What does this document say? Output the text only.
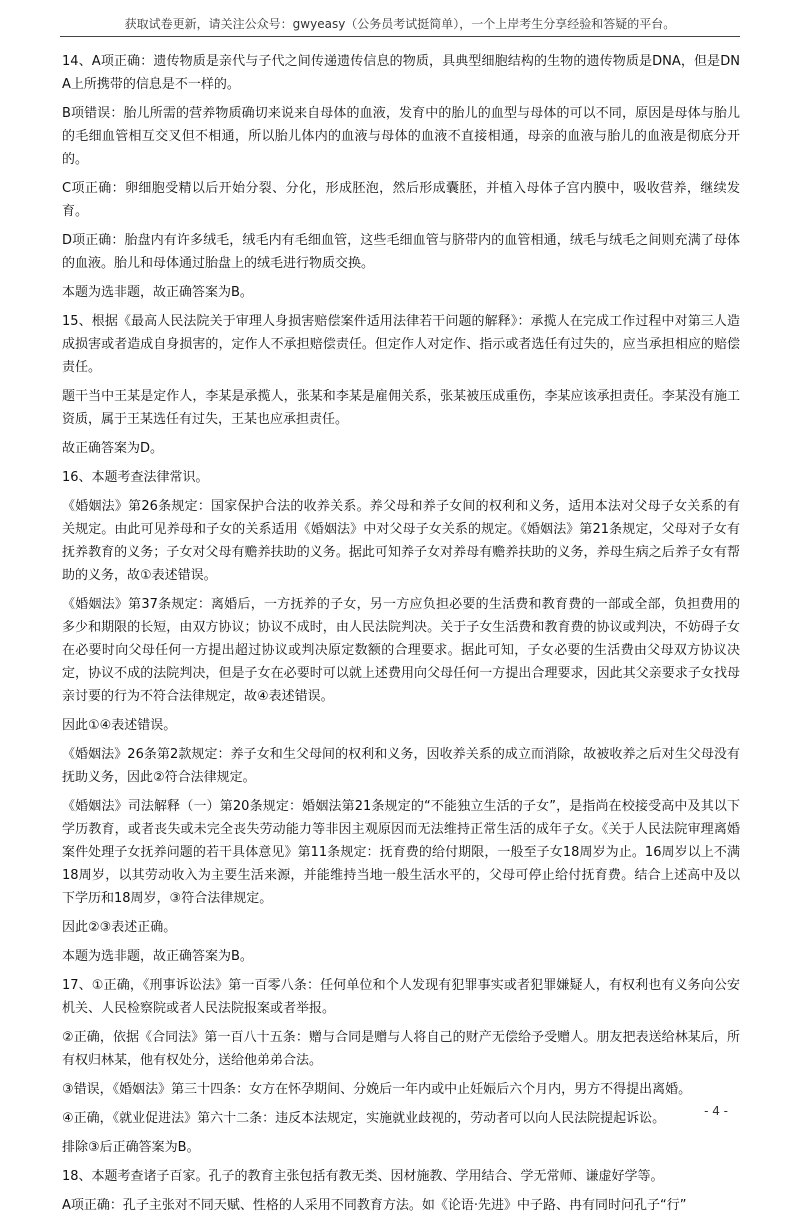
获取试卷更新，请关注公众号：gwyeasy（公务员考试挺简单），一个上岸考生分享经验和答疑的平台。

14、A项正确：遗传物质是亲代与子代之间传递遗传信息的物质，具典型细胞结构的生物的遗传物质是DNA，但是DNA上所携带的信息是不一样的。

B项错误：胎儿所需的营养物质确切来说来自母体的血液，发育中的胎儿的血型与母体的可以不同，原因是母体与胎儿的毛细血管相互交叉但不相通，所以胎儿体内的血液与母体的血液不直接相通，母亲的血液与胎儿的血液是彻底分开的。

C项正确：卵细胞受精以后开始分裂、分化，形成胚泡，然后形成囊胚，并植入母体子宫内膜中，吸收营养，继续发育。

D项正确：胎盘内有许多绒毛，绒毛内有毛细血管，这些毛细血管与脐带内的血管相通，绒毛与绒毛之间则充满了母体的血液。胎儿和母体通过胎盘上的绒毛进行物质交换。

本题为选非题，故正确答案为B。

15、根据《最高人民法院关于审理人身损害赔偿案件适用法律若干问题的解释》：承揽人在完成工作过程中对第三人造成损害或者造成自身损害的，定作人不承担赔偿责任。但定作人对定作、指示或者选任有过失的，应当承担相应的赔偿责任。

题干当中王某是定作人，李某是承揽人，张某和李某是雇佣关系，张某被压成重伤，李某应该承担责任。李某没有施工资质，属于王某选任有过失，王某也应承担责任。

故正确答案为D。

16、本题考查法律常识。

《婚姻法》第26条规定：国家保护合法的收养关系。养父母和养子女间的权利和义务，适用本法对父母子女关系的有关规定。由此可见养母和子女的关系适用《婚姻法》中对父母子女关系的规定。《婚姻法》第21条规定，父母对子女有抚养教育的义务；子女对父母有赡养扶助的义务。据此可知养子女对养母有赡养扶助的义务，养母生病之后养子女有帮助的义务，故①表述错误。

《婚姻法》第37条规定：离婚后，一方抚养的子女，另一方应负担必要的生活费和教育费的一部或全部，负担费用的多少和期限的长短，由双方协议；协议不成时，由人民法院判决。关于子女生活费和教育费的协议或判决，不妨碍子女在必要时向父母任何一方提出超过协议或判决原定数额的合理要求。据此可知，子女必要的生活费由父母双方协议决定，协议不成的法院判决，但是子女在必要时可以就上述费用向父母任何一方提出合理要求，因此其父亲要求子女找母亲讨要的行为不符合法律规定，故④表述错误。

因此①④表述错误。

《婚姻法》26条第2款规定：养子女和生父母间的权利和义务，因收养关系的成立而消除，故被收养之后对生父母没有抚助义务，因此②符合法律规定。

《婚姻法》司法解释（一）第20条规定：婚姻法第21条规定的“不能独立生活的子女”，是指尚在校接受高中及其以下学历教育，或者丧失或未完全丧失劳动能力等非因主观原因而无法维持正常生活的成年子女。《关于人民法院审理离婚案件处理子女抚养问题的若干具体意见》第11条规定：抚育费的给付期限，一般至子女18周岁为止。16周岁以上不满18周岁，以其劳动收入为主要生活来源，并能维持当地一般生活水平的，父母可停止给付抚育费。结合上述高中及以下学历和18周岁，③符合法律规定。

因此②③表述正确。

本题为选非题，故正确答案为B。

17、①正确，《刑事诉讼法》第一百零八条：任何单位和个人发现有犯罪事实或者犯罪嫌疑人，有权利也有义务向公安机关、人民检察院或者人民法院报案或者举报。

②正确，依据《合同法》第一百八十五条：赠与合同是赠与人将自己的财产无偿给予受赠人。朋友把表送给林某后，所有权归林某，他有权处分，送给他弟弟合法。

③错误，《婚姻法》第三十四条：女方在怀孕期间、分娩后一年内或中止妊娠后六个月内，男方不得提出离婚。

④正确，《就业促进法》第六十二条：违反本法规定，实施就业歧视的，劳动者可以向人民法院提起诉讼。

排除③后正确答案为B。

18、本题考查诸子百家。孔子的教育主张包括有教无类、因材施教、学用结合、学无常师、谦虚好学等。

A项正确：孔子主张对不同天赋、性格的人采用不同教育方法。如《论语·先进》中子路、冉有同时问孔子“行”

- 4 -
